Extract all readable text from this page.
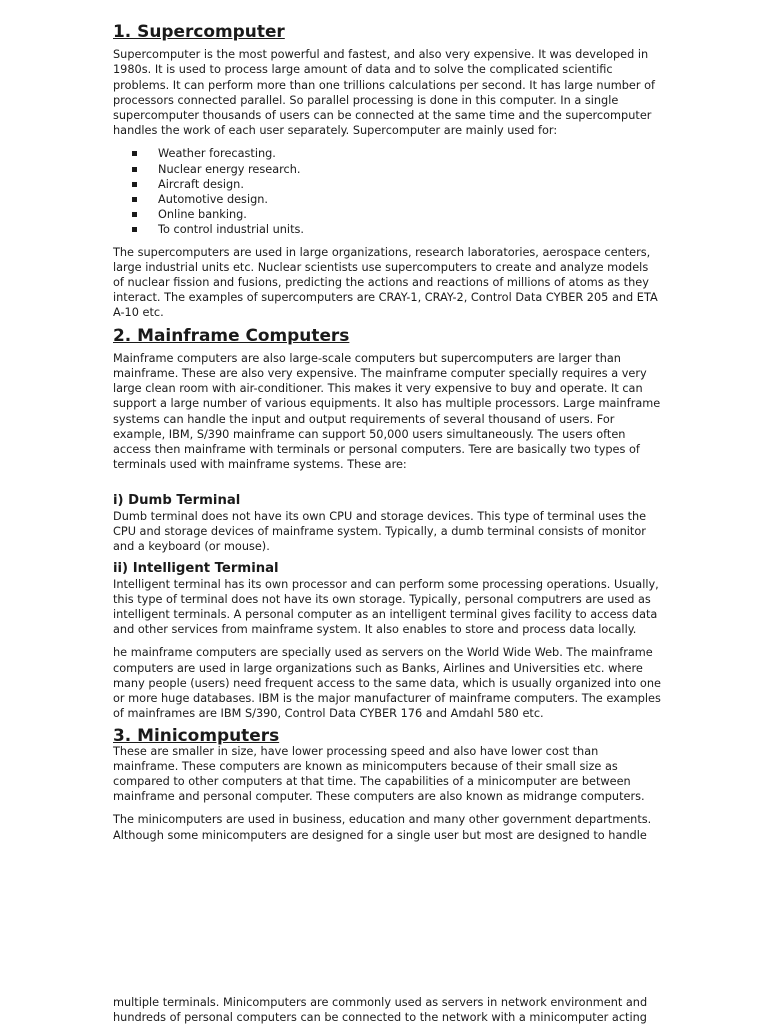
1. Supercomputer

Supercomputer is the most powerful and fastest, and also very expensive. It was developed in 1980s. It is used to process large amount of data and to solve the complicated scientific problems. It can perform more than one trillions calculations per second. It has large number of processors connected parallel. So parallel processing is done in this computer. In a single supercomputer thousands of users can be connected at the same time and the supercomputer handles the work of each user separately. Supercomputer are mainly used for:

Weather forecasting.
Nuclear energy research.
Aircraft design.
Automotive design.
Online banking.
To control industrial units.

The supercomputers are used in large organizations, research laboratories, aerospace centers, large industrial units etc. Nuclear scientists use supercomputers to create and analyze models of nuclear fission and fusions, predicting the actions and reactions of millions of atoms as they interact. The examples of supercomputers are CRAY-1, CRAY-2, Control Data CYBER 205 and ETA A-10 etc.

2. Mainframe Computers

Mainframe computers are also large-scale computers but supercomputers are larger than mainframe. These are also very expensive. The mainframe computer specially requires a very large clean room with air-conditioner. This makes it very expensive to buy and operate. It can support a large number of various equipments. It also has multiple processors. Large mainframe systems can handle the input and output requirements of several thousand of users. For example, IBM, S/390 mainframe can support 50,000 users simultaneously. The users often access then mainframe with terminals or personal computers. Tere are basically two types of terminals used with mainframe systems. These are:

i) Dumb Terminal

Dumb terminal does not have its own CPU and storage devices. This type of terminal uses the CPU and storage devices of mainframe system. Typically, a dumb terminal consists of monitor and a keyboard (or mouse).

ii) Intelligent Terminal

Intelligent terminal has its own processor and can perform some processing operations. Usually, this type of terminal does not have its own storage. Typically, personal computrers are used as intelligent terminals. A personal computer as an intelligent terminal gives facility to access data and other services from mainframe system. It also enables to store and process data locally.

he mainframe computers are specially used as servers on the World Wide Web. The mainframe computers are used in large organizations such as Banks, Airlines and Universities etc. where many people (users) need frequent access to the same data, which is usually organized into one or more huge databases. IBM is the major manufacturer of mainframe computers. The examples of mainframes are IBM S/390, Control Data CYBER 176 and Amdahl 580 etc.

3. Minicomputers

These are smaller in size, have lower processing speed and also have lower cost than mainframe. These computers are known as minicomputers because of their small size as compared to other computers at that time. The capabilities of a minicomputer are between mainframe and personal computer. These computers are also known as midrange computers.

The minicomputers are used in business, education and many other government departments. Although some minicomputers are designed for a single user but most are designed to handle

multiple terminals. Minicomputers are commonly used as servers in network environment and hundreds of personal computers can be connected to the network with a minicomputer acting
